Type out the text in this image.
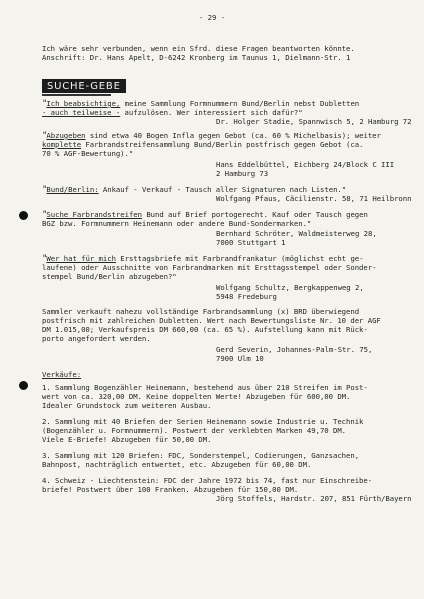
- 29 -
Ich wäre sehr verbunden, wenn ein Sfrd. diese Fragen beantworten könnte.
Anschrift: Dr. Hans Apelt, D-6242 Kronberg im Taunus 1, Dielmann-Str. 1
SUCHE-GEBE
"Ich beabsichtige, meine Sammlung Formnummern Bund/Berlin nebst Dubletten
- auch teilweise - aufzulösen. Wer interessiert sich dafür?"
Dr. Holger Stadie, Spannwisch 5, 2 Hamburg 72
"Abzugeben sind etwa 40 Bogen Infla gegen Gebot (ca. 60 % Michelbasis); weiter
komplette Farbrandstreifensammlung Bund/Berlin postfrisch gegen Gebot (ca.
70 % AGF-Bewertung)."
Hans Eddelbüttel, Eichberg 24/Block C III
2 Hamburg 73
"Bund/Berlin: Ankauf - Verkauf - Tausch aller Signaturen nach Listen."
Wolfgang Pfaus, Cäcilienstr. 58, 71 Heilbronn
"Suche Farbrandstreifen Bund auf Brief portogerecht. Kauf oder Tausch gegen
BGZ bzw. Formnummern Heinemann oder andere Bund-Sondermarken."
Bernhard Schröter, Waldmeisterweg 28,
7000 Stuttgart 1
"Wer hat für mich Ersttagsbriefe mit Farbrandfrankatur (möglichst echt ge-
laufene) oder Ausschnitte von Farbrandmarken mit Ersttagsstempel oder Sonder-
stempel Bund/Berlin abzugeben?"
Wolfgang Schultz, Bergkappenweg 2,
5948 Fredeburg
Sammler verkauft nahezu vollständige Farbrandsammlung (x) BRD überwiegend
postfrisch mit zahlreichen Dubletten. Wert nach Bewertungsliste Nr. 10 der AGF
DM 1.015,00; Verkaufspreis DM 660,00 (ca. 65 %). Aufstellung kann mit Rück-
porto angefordert werden.
Gerd Severin, Johannes-Palm-Str. 75,
7900 Ulm 10
Verkäufe:
1. Sammlung Bogenzähler Heinemann, bestehend aus über 210 Streifen im Post-
wert von ca. 320,00 DM. Keine doppelten Werte! Abzugeben für 600,00 DM.
Idealer Grundstock zum weiteren Ausbau.
2. Sammlung mit 40 Briefen der Serien Heinemann sowie Industrie u. Technik
(Bogenzähler u. Formnummern). Postwert der verklebten Marken 49,70 DM.
Viele E-Briefe! Abzugeben für 50,00 DM.
3. Sammlung mit 120 Briefen: FDC, Sonderstempel, Codierungen, Ganzsachen,
Bahnpost, nachträglich entwertet, etc. Abzugeben für 60,00 DM.
4. Schweiz - Liechtenstein: FDC der Jahre 1972 bis 74, fast nur Einschreibe-
briefe! Postwert über 100 Franken. Abzugeben für 150,00 DM.
Jörg Stoffels, Hardstr. 207, 851 Fürth/Bayern
